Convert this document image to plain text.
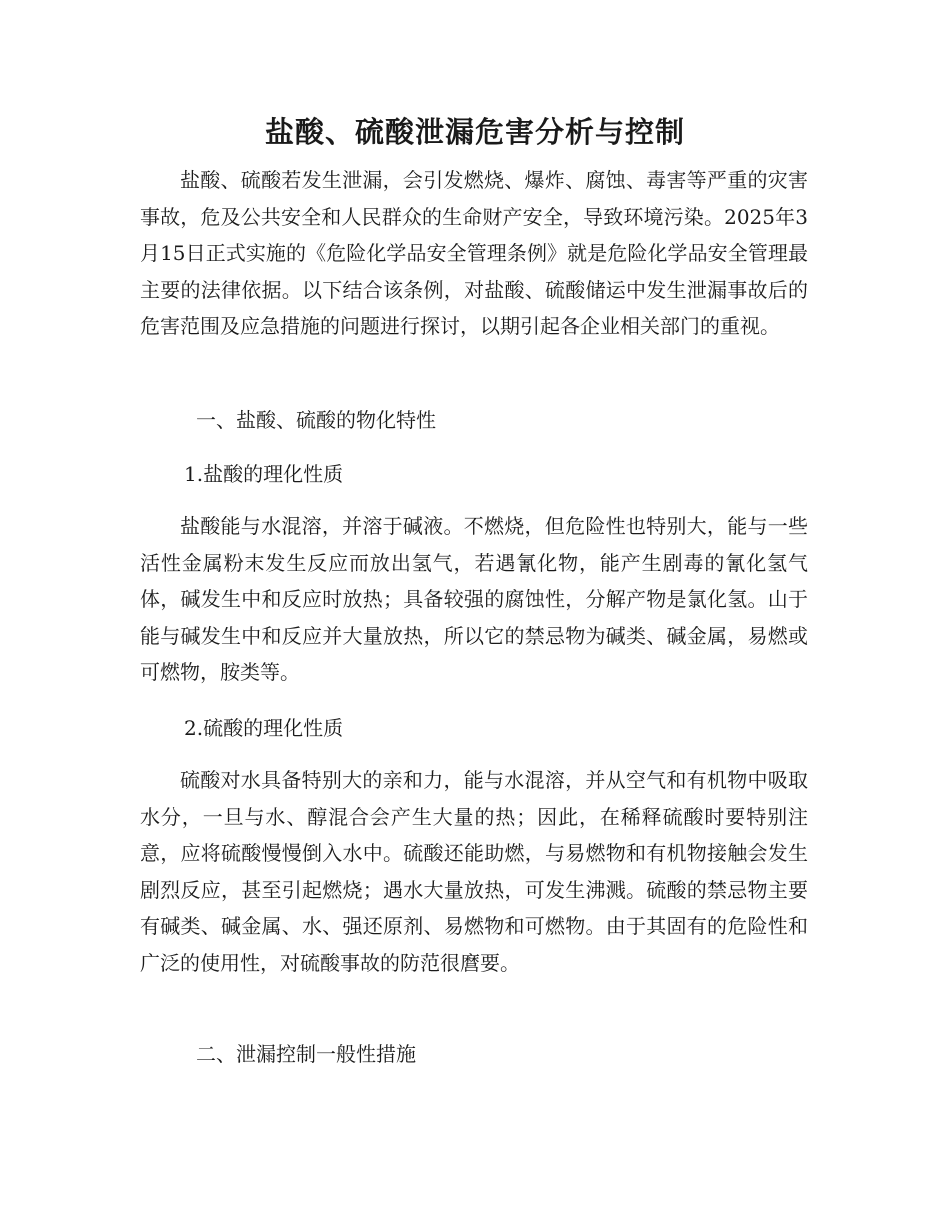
盐酸、硫酸泄漏危害分析与控制

盐酸、硫酸若发生泄漏，会引发燃烧、爆炸、腐蚀、毒害等严重的灾害事故，危及公共安全和人民群众的生命财产安全，导致环境污染。2025年3月15日正式实施的《危险化学品安全管理条例》就是危险化学品安全管理最主要的法律依据。以下结合该条例，对盐酸、硫酸储运中发生泄漏事故后的危害范围及应急措施的问题进行探讨，以期引起各企业相关部门的重视。

一、盐酸、硫酸的物化特性

1.盐酸的理化性质

盐酸能与水混溶，并溶于碱液。不燃烧，但危险性也特别大，能与一些活性金属粉末发生反应而放出氢气，若遇氰化物，能产生剧毒的氰化氢气体，碱发生中和反应时放热；具备较强的腐蚀性，分解产物是氯化氢。山于能与碱发生中和反应并大量放热，所以它的禁忌物为碱类、碱金属，易燃或可燃物，胺类等。

2.硫酸的理化性质

硫酸对水具备特别大的亲和力，能与水混溶，并从空气和有机物中吸取水分，一旦与水、醇混合会产生大量的热；因此，在稀释硫酸时要特别注意，应将硫酸慢慢倒入水中。硫酸还能助燃，与易燃物和有机物接触会发生剧烈反应，甚至引起燃烧；遇水大量放热，可发生沸溅。硫酸的禁忌物主要有碱类、碱金属、水、强还原剂、易燃物和可燃物。由于其固有的危险性和广泛的使用性，对硫酸事故的防范很麿要。

二、泄漏控制一般性措施
